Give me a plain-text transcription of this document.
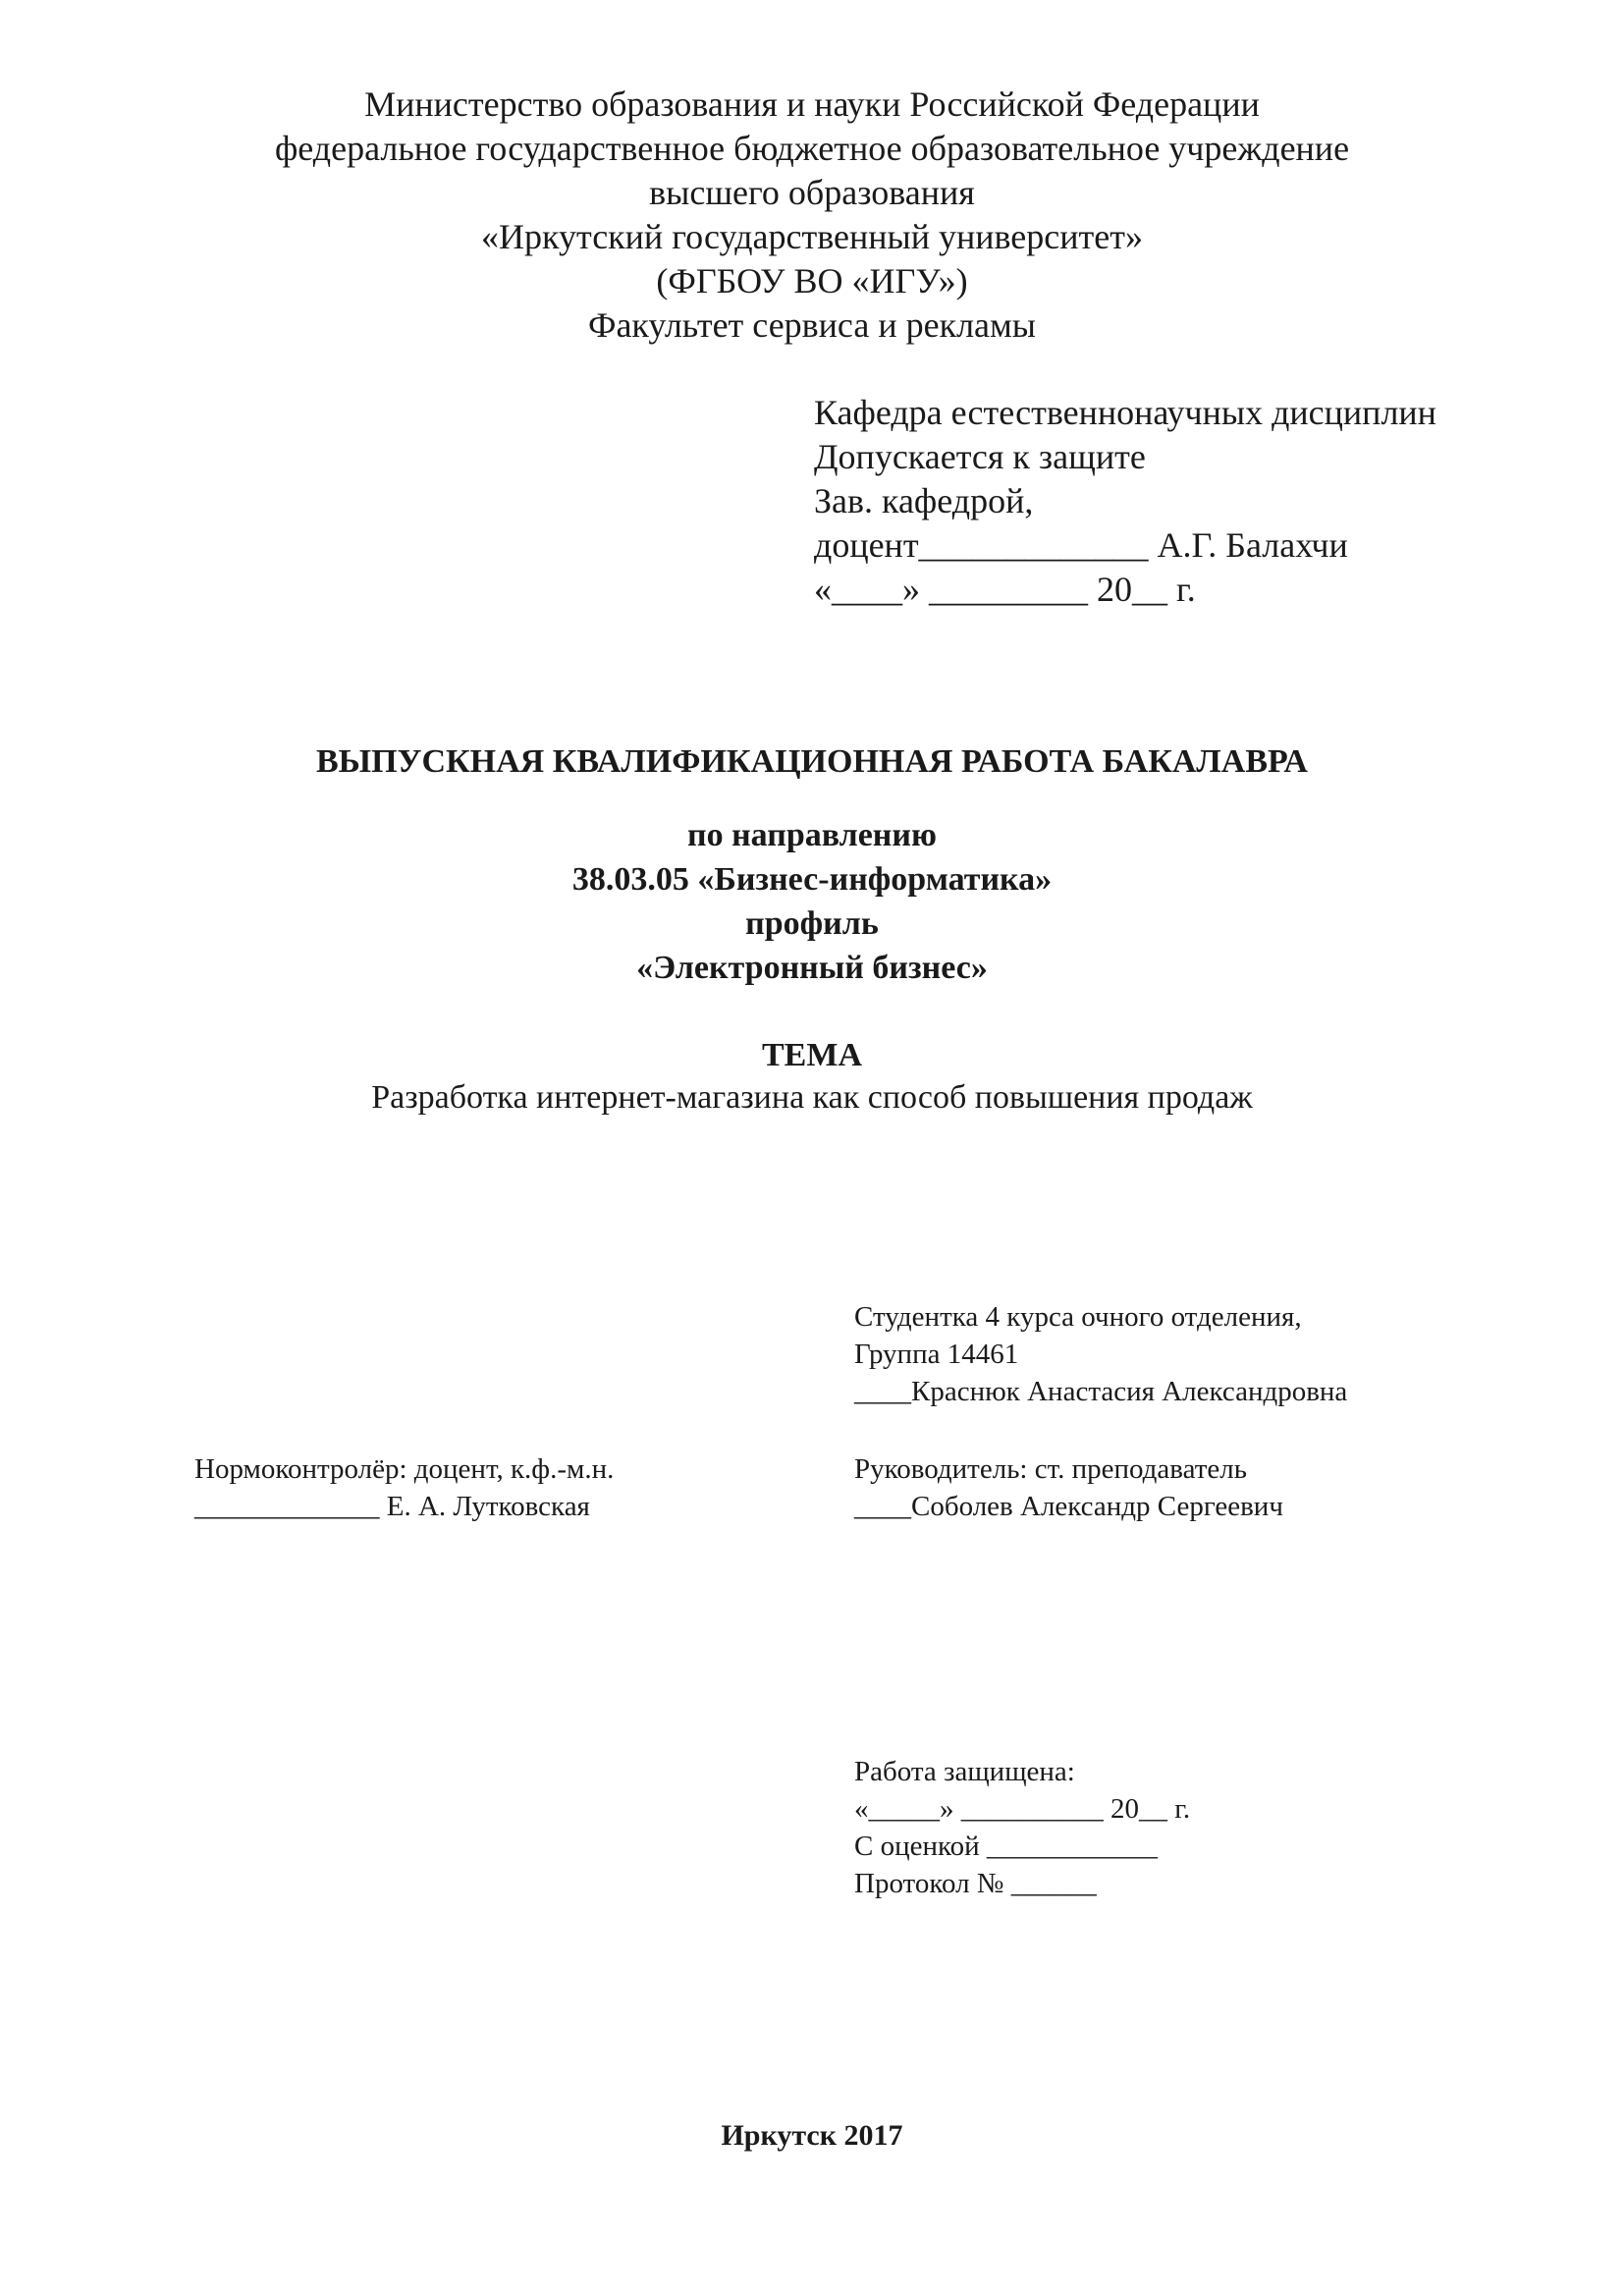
Министерство образования и науки Российской Федерации
федеральное государственное бюджетное образовательное учреждение
высшего образования
«Иркутский государственный университет»
(ФГБОУ ВО «ИГУ»)
Факультет сервиса и рекламы
Кафедра естественнонаучных дисциплин
Допускается к защите
Зав. кафедрой,
доцент_____________ А.Г. Балахчи
«____» _________ 20__ г.
ВЫПУСКНАЯ КВАЛИФИКАЦИОННАЯ РАБОТА БАКАЛАВРА
по направлению
38.03.05 «Бизнес-информатика»
профиль
«Электронный бизнес»
ТЕМА
Разработка интернет-магазина как способ повышения продаж
Студентка 4 курса очного отделения,
Группа 14461
____Краснюк Анастасия Александровна
Нормоконтролёр: доцент, к.ф.-м.н.
_____________ Е. А. Лутковская
Руководитель: ст. преподаватель
____Соболев Александр Сергеевич
Работа защищена:
«_____» __________ 20__ г.
С оценкой ____________
Протокол № ______
Иркутск 2017
